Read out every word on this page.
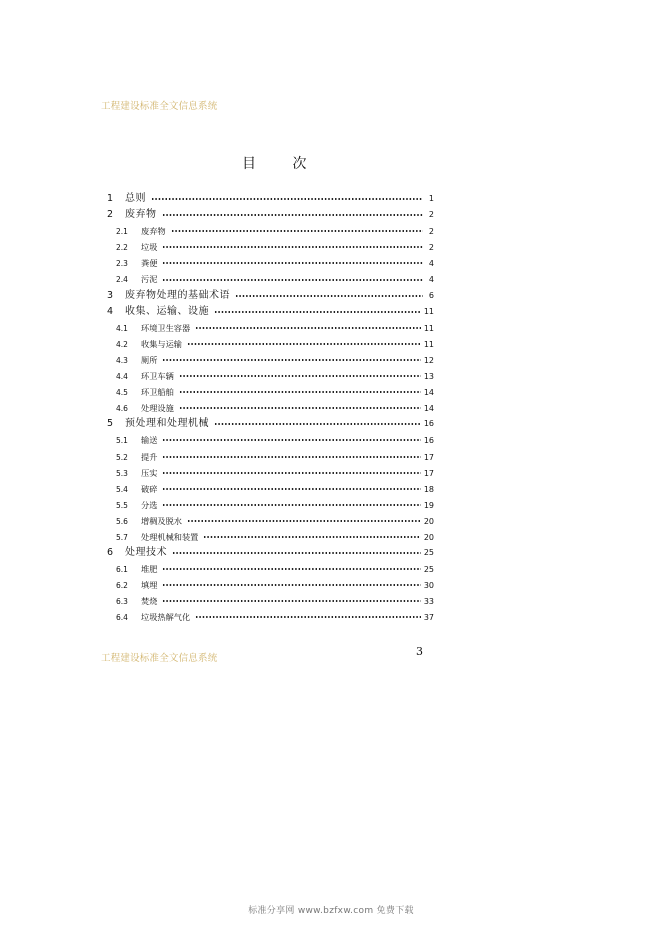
工程建设标准全文信息系统
目 次
1	总则	1
2	废弃物	2
2.1	废弃物	2
2.2	垃圾	2
2.3	粪便	4
2.4	污泥	4
3	废弃物处理的基础术语	6
4	收集、运输、设施	11
4.1	环境卫生容器	11
4.2	收集与运输	11
4.3	厕所	12
4.4	环卫车辆	13
4.5	环卫船舶	14
4.6	处理设施	14
5	预处理和处理机械	16
5.1	输送	16
5.2	提升	17
5.3	压实	17
5.4	破碎	18
5.5	分选	19
5.6	增稠及脱水	20
5.7	处理机械和装置	20
6	处理技术	25
6.1	堆肥	25
6.2	填埋	30
6.3	焚烧	33
6.4	垃圾热解气化	37
工程建设标准全文信息系统
3
标准分享网 www.bzfxw.com 免费下载
